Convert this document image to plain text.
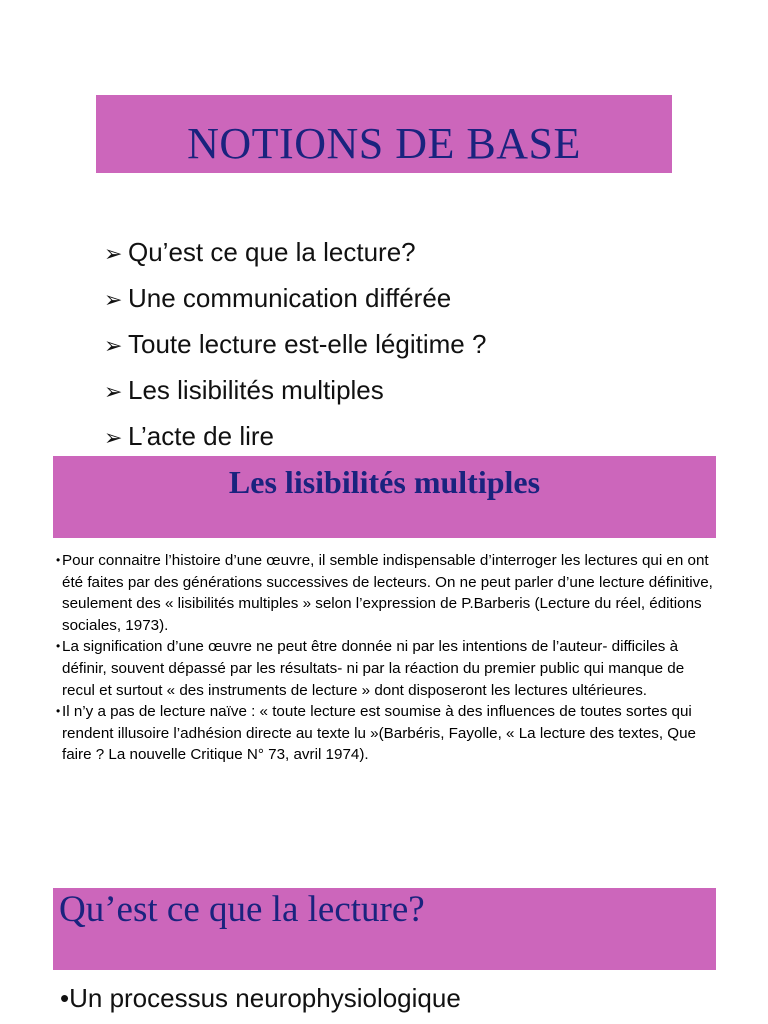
NOTIONS DE BASE
➢ Qu’est ce que la lecture?
➢ Une communication différée
➢ Toute lecture est-elle légitime ?
➢ Les lisibilités multiples
➢ L’acte de lire
Les lisibilités multiples
• Pour connaitre l’histoire d’une œuvre, il semble indispensable d’interroger les lectures qui en ont été faites par des générations successives de lecteurs. On ne peut parler d’une lecture définitive, seulement des « lisibilités multiples » selon l’expression de P.Barberis (Lecture du réel, éditions sociales, 1973).
• La signification d’une œuvre ne peut être donnée ni par les intentions de l’auteur- difficiles à définir, souvent dépassé par les résultats- ni par la réaction du premier public qui manque de recul et surtout « des instruments de lecture » dont disposeront les lectures ultérieures.
• Il n’y a pas de lecture naïve : « toute lecture est soumise à des influences de toutes sortes qui rendent illusoire l’adhésion directe au texte lu »(Barbéris, Fayolle, « La lecture des textes, Que faire ? La nouvelle Critique N° 73, avril 1974).
Qu’est ce que la lecture?
•Un processus neurophysiologique
